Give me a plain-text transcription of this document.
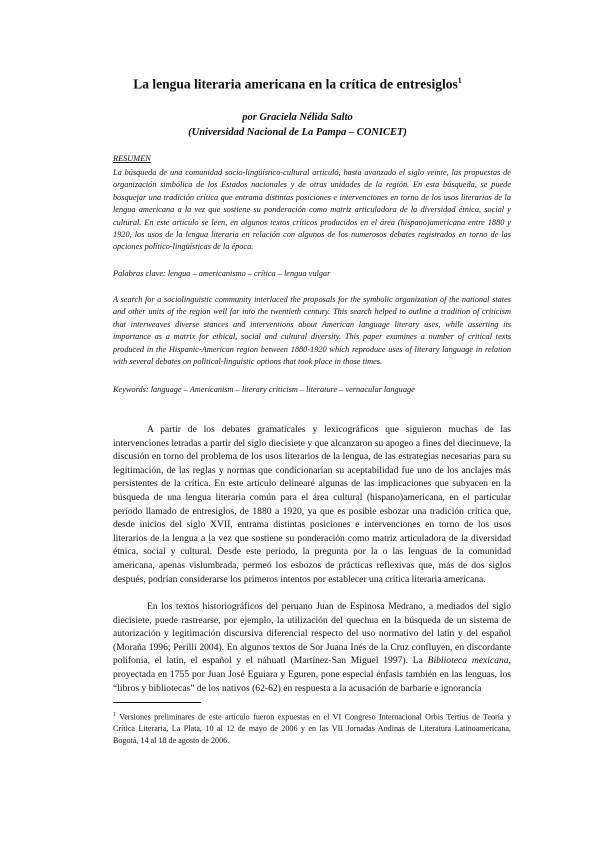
La lengua literaria americana en la crítica de entresiglos$^1$
por Graciela Nélida Salto
(Universidad Nacional de La Pampa – CONICET)
RESUMEN
La búsqueda de una comunidad socio-lingüístico-cultural articuló, hasta avanzado el siglo veinte, las propuestas de organización simbólica de los Estados nacionales y de otras unidades de la región. En esta búsqueda, se puede bosquejar una tradición crítica que entrama distintas posiciones e intervenciones en torno de los usos literarios de la lengua americana a la vez que sostiene su ponderación como matriz articuladora de la diversidad étnica, social y cultural. En este artículo se leen, en algunos textos críticos producidos en el área (hispano)americana entre 1880 y 1920, los usos de la lengua literaria en relación con algunos de los numerosos debates registrados en torno de las opciones político-lingüísticas de la época.
Palabras clave: lengua – americanismo – crítica – lengua vulgar
A search for a sociolinguistic community interlaced the proposals for the symbolic organization of the national states and other units of the region well far into the twentieth century. This search helped to outline a tradition of criticism that interweaves diverse stances and interventions about American language literary uses, while asserting its importance as a matrix for ethical, social and cultural diversity. This paper examines a number of critical texts produced in the Hispanic-American region between 1880-1920 which reproduce uses of literary language in relation with several debates on political-linguistic options that took place in those times.
Keywords: language – Americanism – literary criticism – literature – vernacular language
A partir de los debates gramaticales y lexicográficos que siguieron muchas de las intervenciones letradas a partir del siglo diecisiete y que alcanzaron su apogeo a fines del diecinueve, la discusión en torno del problema de los usos literarios de la lengua, de las estrategias necesarias para su legitimación, de las reglas y normas que condicionarían su aceptabilidad fue uno de los anclajes más persistentes de la crítica. En este artículo delinearé algunas de las implicaciones que subyacen en la búsqueda de una lengua literaria común para el área cultural (hispano)americana, en el particular período llamado de entresiglos, de 1880 a 1920, ya que es posible esbozar una tradición crítica que, desde inicios del siglo XVII, entrama distintas posiciones e intervenciones en torno de los usos literarios de la lengua a la vez que sostiene su ponderación como matriz articuladora de la diversidad étnica, social y cultural. Desde este período, la pregunta por la o las lenguas de la comunidad americana, apenas vislumbrada, permeó los esbozos de prácticas reflexivas que, más de dos siglos después, podrían considerarse los primeros intentos por establecer una crítica literaria americana.
En los textos historiográficos del peruano Juan de Espinosa Medrano, a mediados del siglo diecisiete, puede rastrearse, por ejemplo, la utilización del quechua en la búsqueda de un sistema de autorización y legitimación discursiva diferencial respecto del uso normativo del latín y del español (Moraña 1996; Perilli 2004). En algunos textos de Sor Juana Inés de la Cruz confluyen, en discordante polifonía, el latín, el español y el náhuatl (Martínez-San Miguel 1997). La Biblioteca mexicana, proyectada en 1755 por Juan José Eguiara y Eguren, pone especial énfasis también en las lenguas, los “libros y bibliotecas” de los nativos (62-62) en respuesta a la acusación de barbarie e ignorancia
$^1$ Versiones preliminares de este artículo fueron expuestas en el VI Congreso Internacional Orbis Tertius de Teoría y Crítica Literaria, La Plata, 10 al 12 de mayo de 2006 y en las VII Jornadas Andinas de Literatura Latinoamericana, Bogotá, 14 al 18 de agosto de 2006.
